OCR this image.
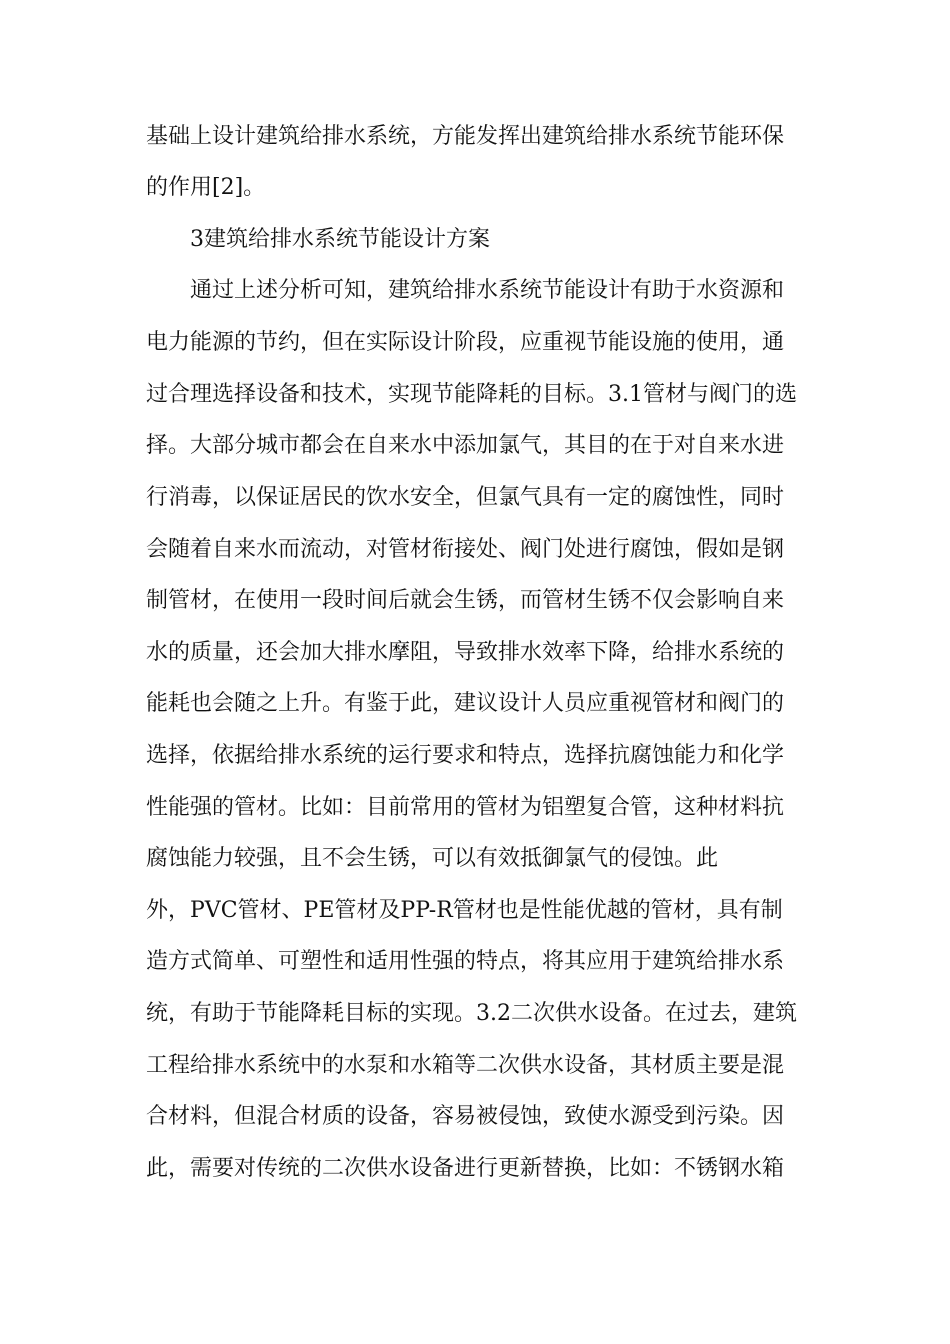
基础上设计建筑给排水系统，方能发挥出建筑给排水系统节能环保
的作用[2]。
3建筑给排水系统节能设计方案
通过上述分析可知，建筑给排水系统节能设计有助于水资源和
电力能源的节约，但在实际设计阶段，应重视节能设施的使用，通
过合理选择设备和技术，实现节能降耗的目标。3.1管材与阀门的选
择。大部分城市都会在自来水中添加氯气，其目的在于对自来水进
行消毒，以保证居民的饮水安全，但氯气具有一定的腐蚀性，同时
会随着自来水而流动，对管材衔接处、阀门处进行腐蚀，假如是钢
制管材，在使用一段时间后就会生锈，而管材生锈不仅会影响自来
水的质量，还会加大排水摩阻，导致排水效率下降，给排水系统的
能耗也会随之上升。有鉴于此，建议设计人员应重视管材和阀门的
选择，依据给排水系统的运行要求和特点，选择抗腐蚀能力和化学
性能强的管材。比如：目前常用的管材为铝塑复合管，这种材料抗
腐蚀能力较强，且不会生锈，可以有效抵御氯气的侵蚀。此
外，PVC管材、PE管材及PP-R管材也是性能优越的管材，具有制
造方式简单、可塑性和适用性强的特点，将其应用于建筑给排水系
统，有助于节能降耗目标的实现。3.2二次供水设备。在过去，建筑
工程给排水系统中的水泵和水箱等二次供水设备，其材质主要是混
合材料，但混合材质的设备，容易被侵蚀，致使水源受到污染。因
此，需要对传统的二次供水设备进行更新替换，比如：不锈钢水箱
